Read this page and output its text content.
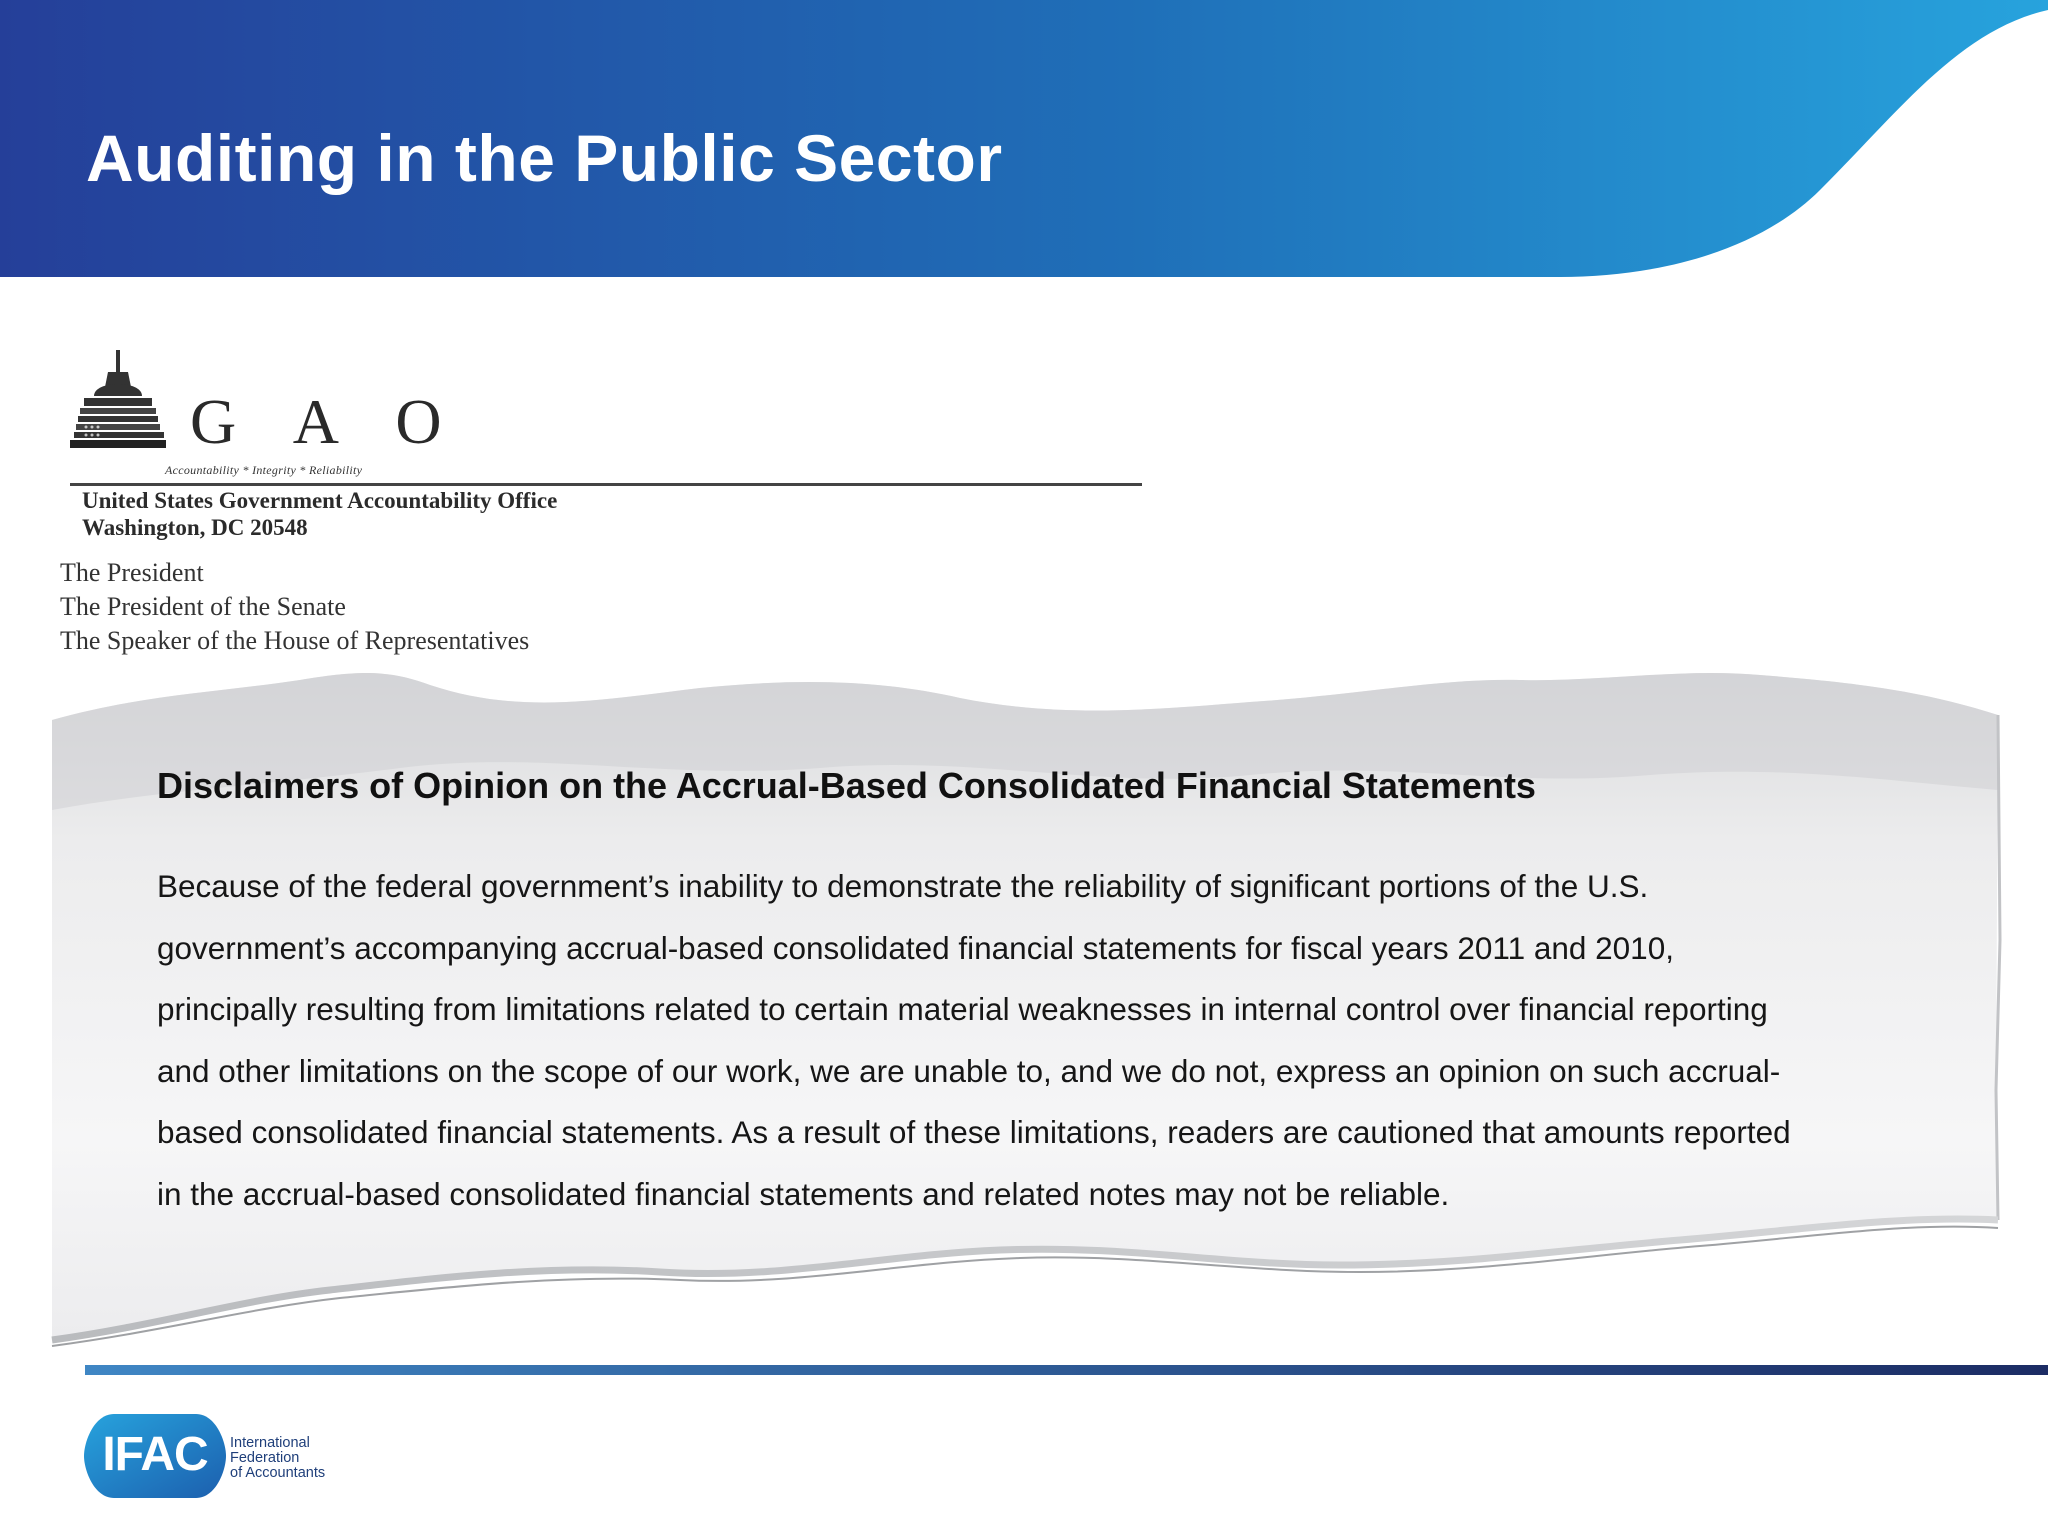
Auditing in the Public Sector
G A O
Accountability * Integrity * Reliability
United States Government Accountability Office
Washington, DC 20548
The President
The President of the Senate
The Speaker of the House of Representatives
Disclaimers of Opinion on the Accrual-Based Consolidated Financial Statements

Because of the federal government’s inability to demonstrate the reliability of significant portions of the U.S.
government’s accompanying accrual-based consolidated financial statements for fiscal years 2011 and 2010,
principally resulting from limitations related to certain material weaknesses in internal control over financial reporting
and other limitations on the scope of our work, we are unable to, and we do not, express an opinion on such accrual-
based consolidated financial statements. As a result of these limitations, readers are cautioned that amounts reported
in the accrual-based consolidated financial statements and related notes may not be reliable.

IFAC	International
Federation
of Accountants
